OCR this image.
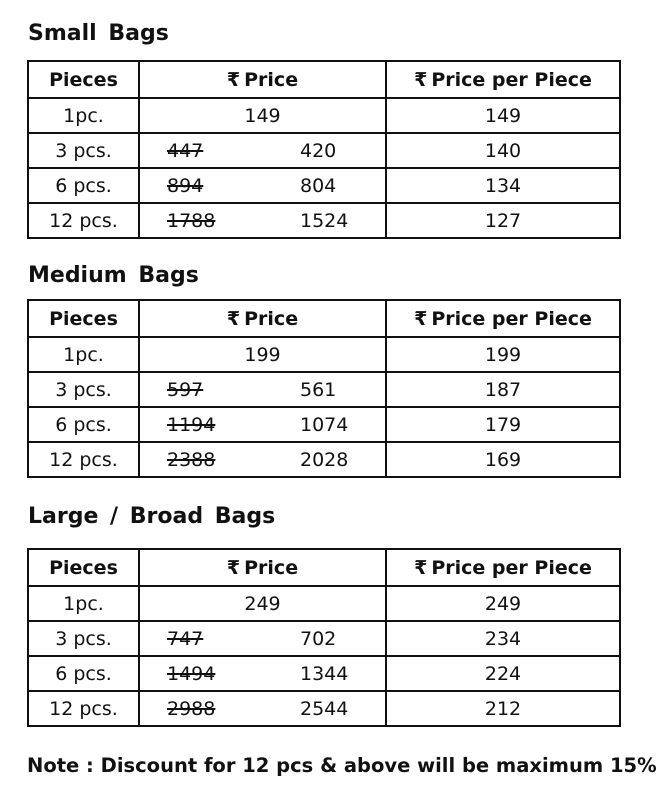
Small Bags
Pieces	₹ Price	₹ Price per Piece
1pc.	149	149
3 pcs.	447 420	140
6 pcs.	894 804	134
12 pcs.	1788 1524	127
Medium Bags
Pieces	₹ Price	₹ Price per Piece
1pc.	199	199
3 pcs.	597 561	187
6 pcs.	1194 1074	179
12 pcs.	2388 2028	169
Large / Broad Bags
Pieces	₹ Price	₹ Price per Piece
1pc.	249	249
3 pcs.	747 702	234
6 pcs.	1494 1344	224
12 pcs.	2988 2544	212
Note : Discount for 12 pcs & above will be maximum 15%
